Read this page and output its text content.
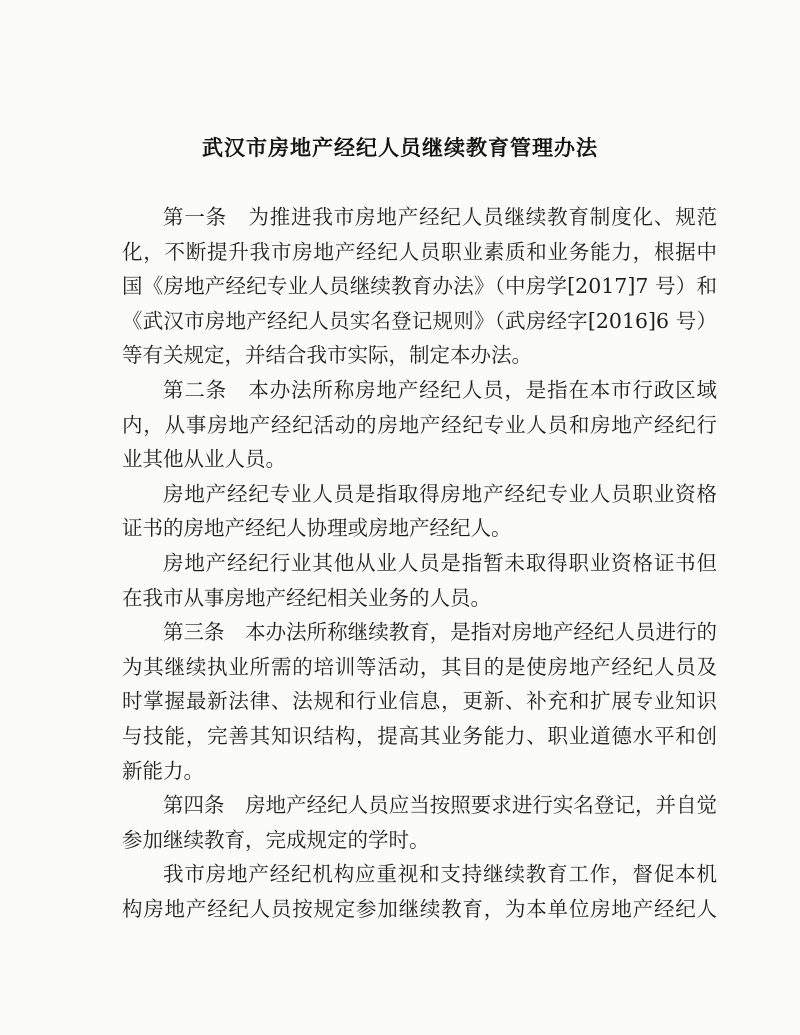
武汉市房地产经纪人员继续教育管理办法

第一条　为推进我市房地产经纪人员继续教育制度化、规范
化，不断提升我市房地产经纪人员职业素质和业务能力，根据中
国《房地产经纪专业人员继续教育办法》（中房学[2017]7 号）和
《武汉市房地产经纪人员实名登记规则》（武房经字[2016]6 号）
等有关规定，并结合我市实际，制定本办法。

第二条　本办法所称房地产经纪人员，是指在本市行政区域
内，从事房地产经纪活动的房地产经纪专业人员和房地产经纪行
业其他从业人员。

房地产经纪专业人员是指取得房地产经纪专业人员职业资格
证书的房地产经纪人协理或房地产经纪人。

房地产经纪行业其他从业人员是指暂未取得职业资格证书但
在我市从事房地产经纪相关业务的人员。

第三条　本办法所称继续教育，是指对房地产经纪人员进行的
为其继续执业所需的培训等活动，其目的是使房地产经纪人员及
时掌握最新法律、法规和行业信息，更新、补充和扩展专业知识
与技能，完善其知识结构，提高其业务能力、职业道德水平和创
新能力。

第四条　房地产经纪人员应当按照要求进行实名登记，并自觉
参加继续教育，完成规定的学时。

我市房地产经纪机构应重视和支持继续教育工作，督促本机
构房地产经纪人员按规定参加继续教育，为本单位房地产经纪人
